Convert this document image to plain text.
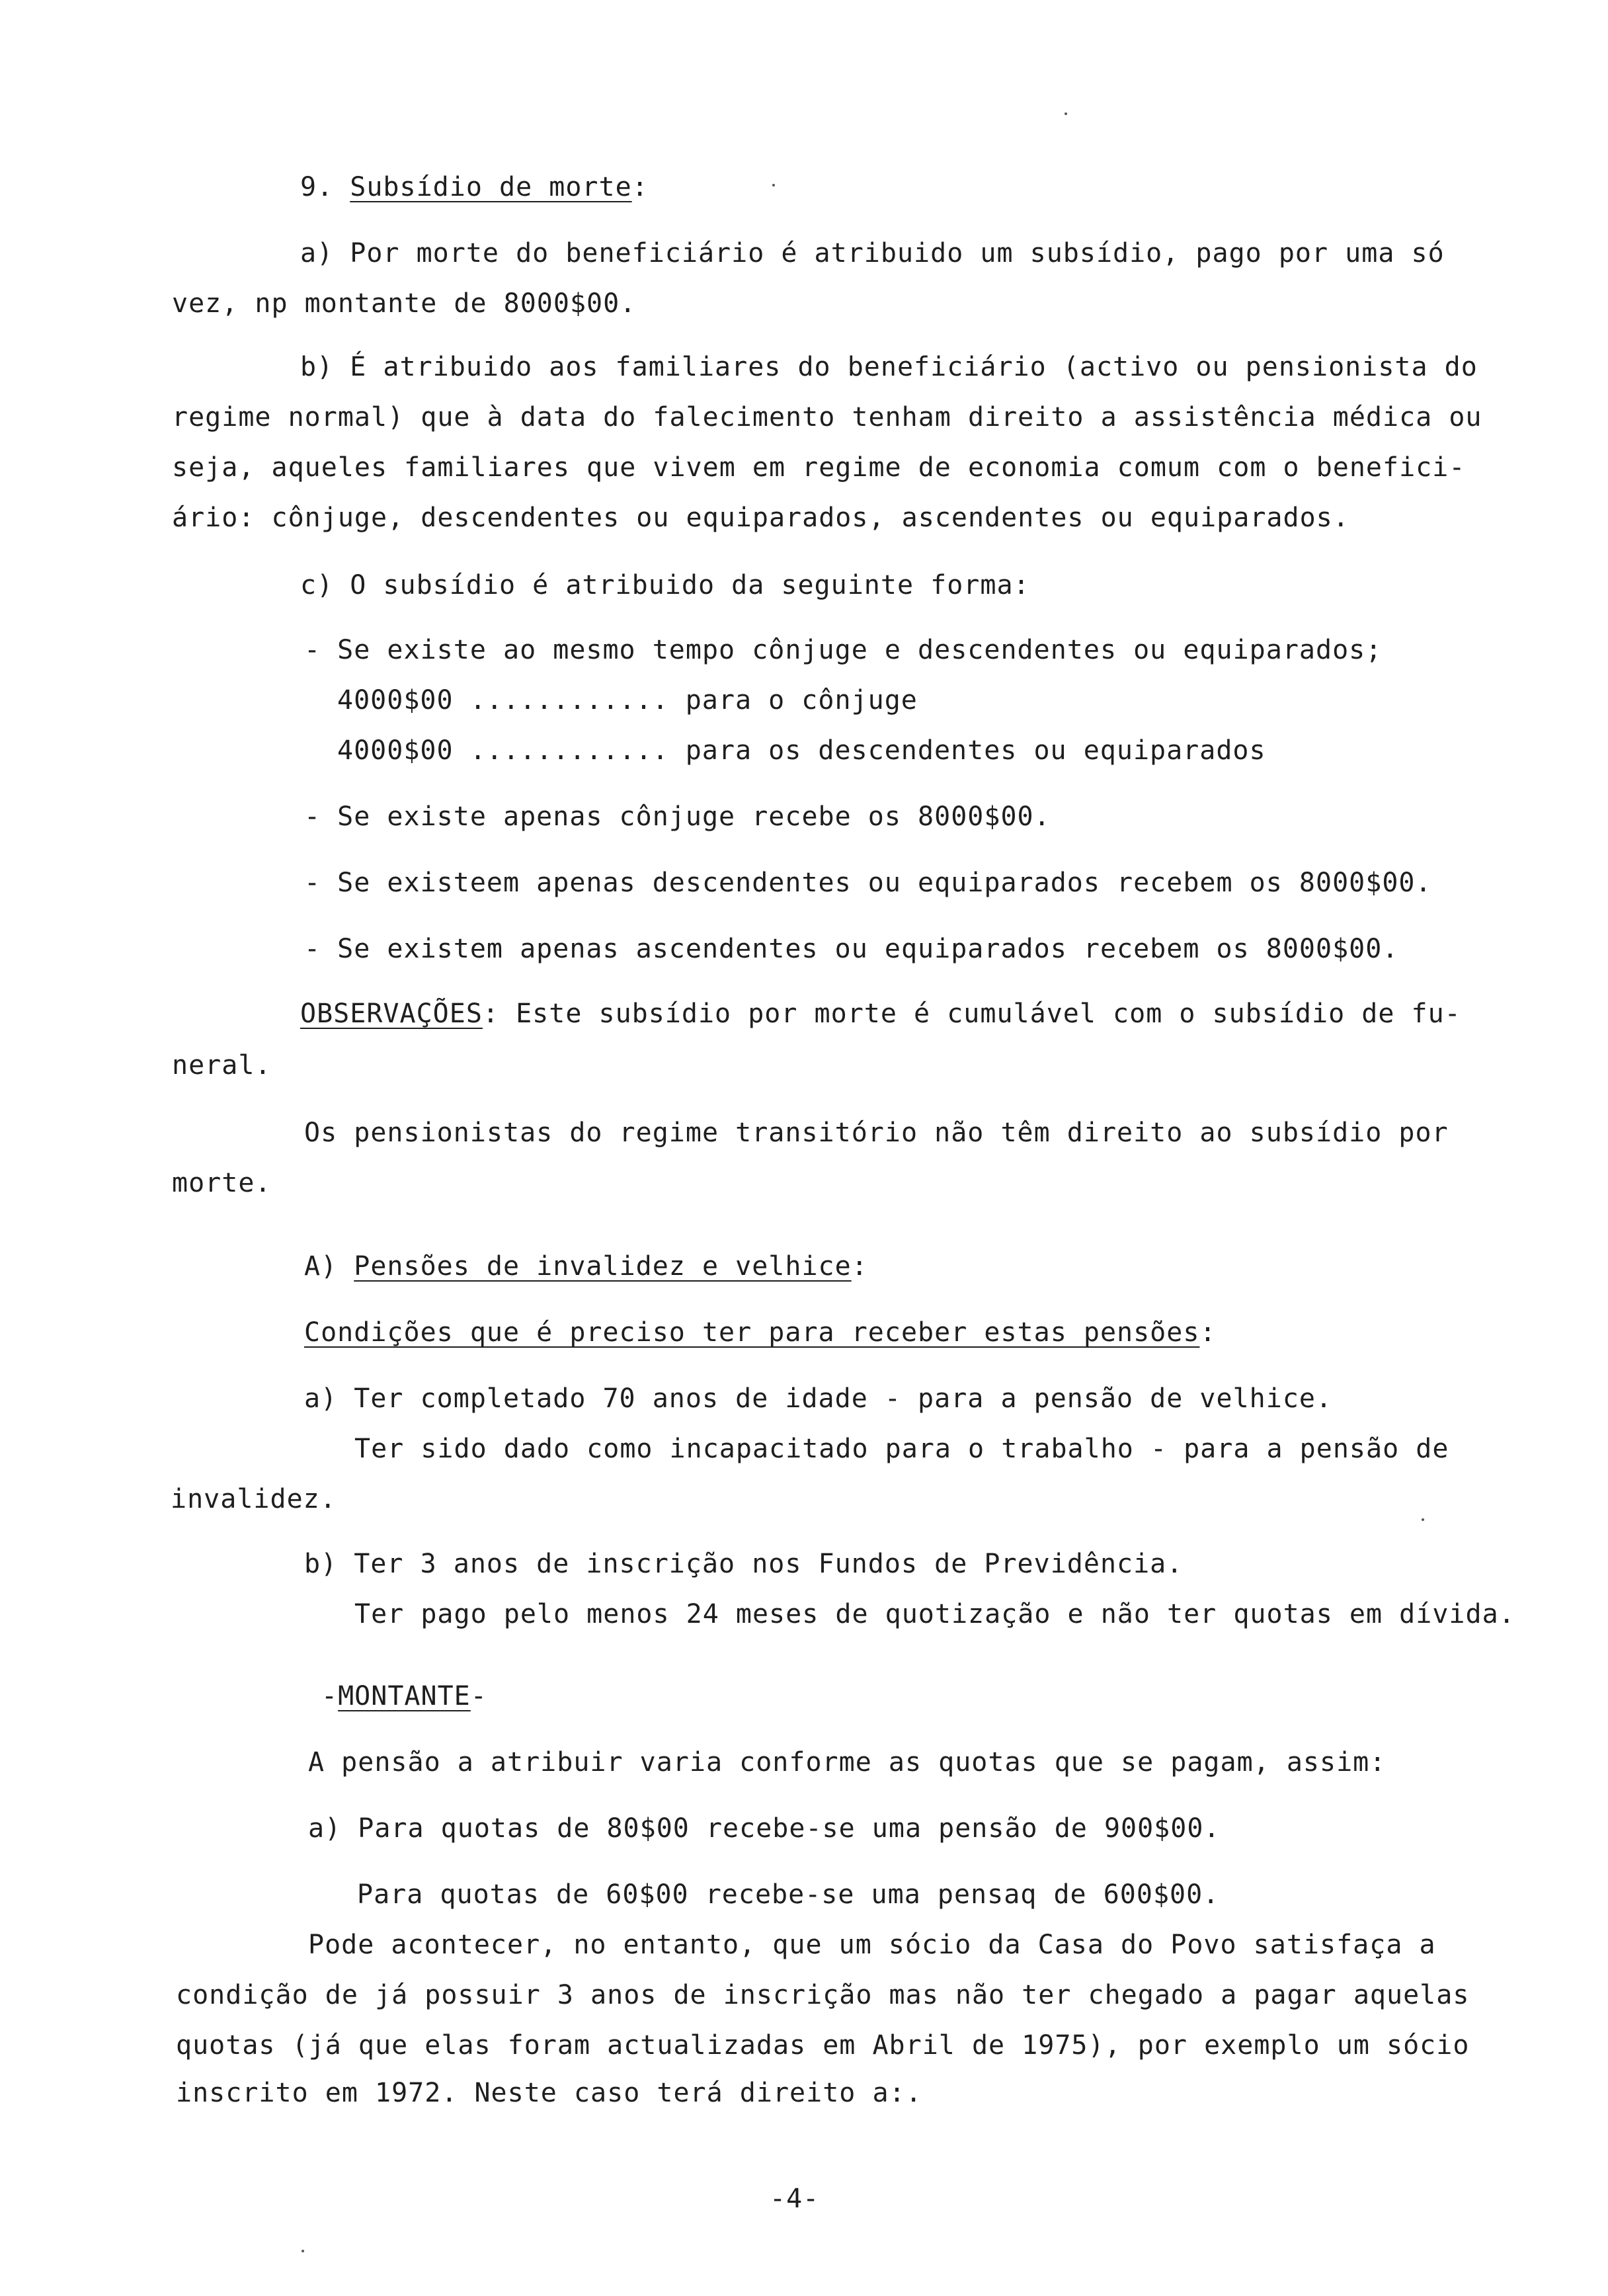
9. Subsídio de morte:
a) Por morte do beneficiário é atribuido um subsídio, pago por uma só
vez, np montante de 8000$00.
b) É atribuido aos familiares do beneficiário (activo ou pensionista do
regime normal) que à data do falecimento tenham direito a assistência médica ou
seja, aqueles familiares que vivem em regime de economia comum com o benefici-
ário: cônjuge, descendentes ou equiparados, ascendentes ou equiparados.
c) O subsídio é atribuido da seguinte forma:
- Se existe ao mesmo tempo cônjuge e descendentes ou equiparados;
4000$00 ............ para o cônjuge
4000$00 ............ para os descendentes ou equiparados
- Se existe apenas cônjuge recebe os 8000$00.
- Se existeem apenas descendentes ou equiparados recebem os 8000$00.
- Se existem apenas ascendentes ou equiparados recebem os 8000$00.
OBSERVAÇÕES: Este subsídio por morte é cumulável com o subsídio de fu-
neral.
Os pensionistas do regime transitório não têm direito ao subsídio por
morte.
A) Pensões de invalidez e velhice:
Condições que é preciso ter para receber estas pensões:
a) Ter completado 70 anos de idade - para a pensão de velhice.
Ter sido dado como incapacitado para o trabalho - para a pensão de
invalidez.
b) Ter 3 anos de inscrição nos Fundos de Previdência.
Ter pago pelo menos 24 meses de quotização e não ter quotas em dívida.
-MONTANTE-
A pensão a atribuir varia conforme as quotas que se pagam, assim:
a) Para quotas de 80$00 recebe-se uma pensão de 900$00.
Para quotas de 60$00 recebe-se uma pensaq de 600$00.
Pode acontecer, no entanto, que um sócio da Casa do Povo satisfaça a
condição de já possuir 3 anos de inscrição mas não ter chegado a pagar aquelas
quotas (já que elas foram actualizadas em Abril de 1975), por exemplo um sócio
inscrito em 1972. Neste caso terá direito a:.
-4-
